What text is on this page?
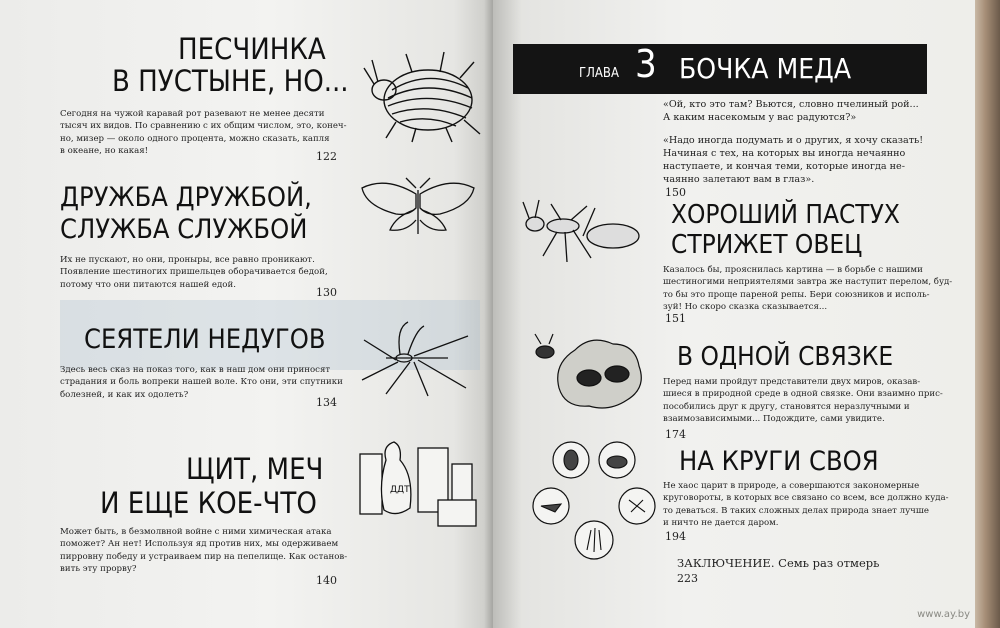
ПЕСЧИНКА
В ПУСТЫНЕ, НО...

Сегодня на чужой каравай рот разевают не менее десяти
тысяч их видов. По сравнению с их общим числом, это, конеч-
но, мизер — около одного процента, можно сказать, капля
в океане, но какая!	122

ДРУЖБА ДРУЖБОЙ,
СЛУЖБА СЛУЖБОЙ

Их не пускают, но они, проныры, все равно проникают.
Появление шестиногих пришельцев оборачивается бедой,
потому что они питаются нашей едой.

130

СЕЯТЕЛИ НЕДУГОВ

Здесь весь сказ на показ того, как в наш дом они приносят
страдания и боль вопреки нашей воле. Кто они, эти спутники
болезней, и как их одолеть?

134

ЩИТ, МЕЧ
И ЕЩЕ КОЕ-ЧТО	ДДТ

Может быть, в безмолвной войне с ними химическая атака
поможет? Ан нет! Используя яд против них, мы одерживаем
пирровну победу и устраиваем пир на пепелище. Как останов-
вить эту прорву?

140

ГЛАВА 3 БОЧКА МЕДА

«Ой, кто это там? Вьются, словно пчелиный рой...
А каким насекомым у вас радуются?»

«Надо иногда подумать и о других, я хочу сказать!
Начиная с тех, на которых вы иногда нечаянно
наступаете, и кончая теми, которые иногда не-
чаянно залетают вам в глаз».

150

ХОРОШИЙ ПАСТУХ
СТРИЖЕТ ОВЕЦ

Казалось бы, прояснилась картина — в борьбе с нашими
шестиногими неприятелями завтра же наступит перелом, буд-
то бы это проще пареной репы. Бери союзников и исполь-
зуй! Но скоро сказка сказывается...

151

В ОДНОЙ СВЯЗКЕ

Перед нами пройдут представители двух миров, оказав-
шиеся в природной среде в одной связке. Они взаимно прис-
пособились друг к другу, становятся неразлучными и
взаимозависимыми... Подождите, сами увидите.

174

НА КРУГИ СВОЯ

Не хаос царит в природе, а совершаются закономерные
круговороты, в которых все связано со всем, все должно куда-
то деваться. В таких сложных делах природа знает лучше
и ничто не дается даром.

194

ЗАКЛЮЧЕНИЕ. Семь раз отмерь

223

www.ay.by
